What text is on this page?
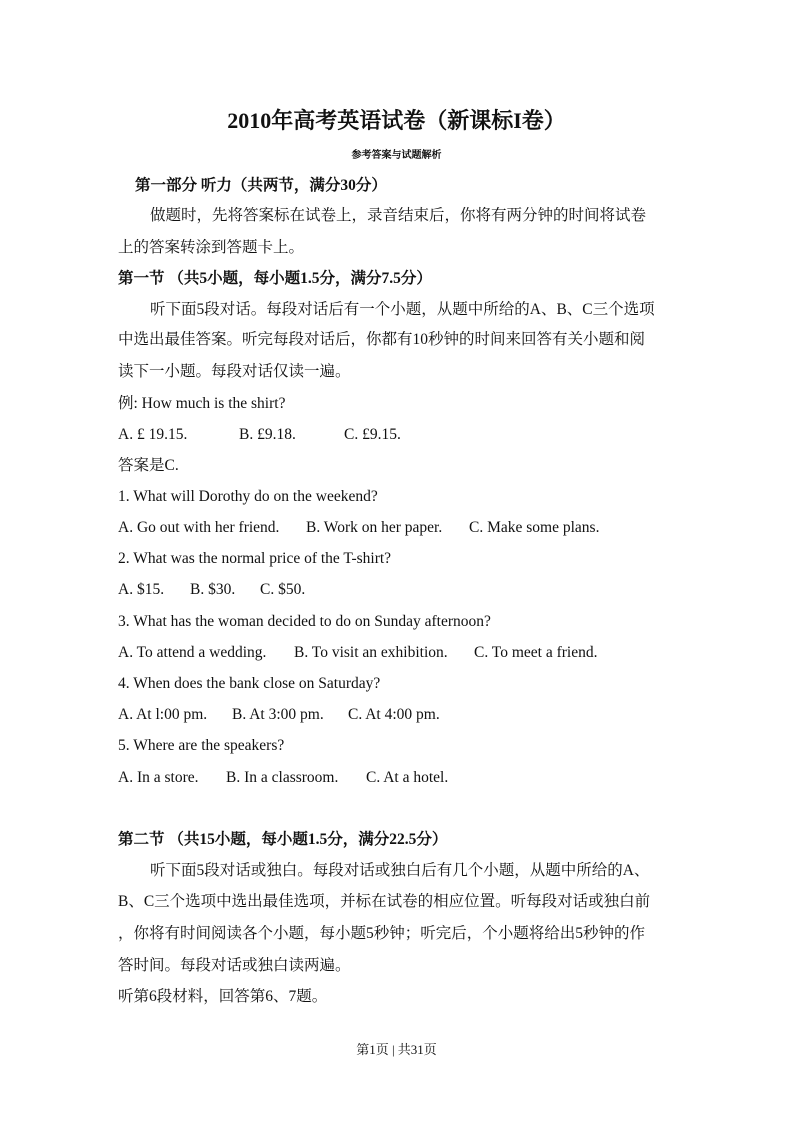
2010年高考英语试卷（新课标I卷）
参考答案与试题解析
第一部分 听力（共两节，满分30分）
做题时，先将答案标在试卷上，录音结束后，你将有两分钟的时间将试卷
上的答案转涂到答题卡上。
第一节 （共5小题，每小题1.5分，满分7.5分）
听下面5段对话。每段对话后有一个小题，从题中所给的A、B、C三个选项
中选出最佳答案。听完每段对话后，你都有10秒钟的时间来回答有关小题和阅
读下一小题。每段对话仅读一遍。
例: How much is the shirt?
A. £ 19.15.	B. £9.18.	C. £9.15.
答案是C.
1. What will Dorothy do on the weekend?
A. Go out with her friend. B. Work on her paper. C. Make some plans.
2. What was the normal price of the T-shirt?
A. $15. B. $30. C. $50.
3. What has the woman decided to do on Sunday afternoon?
A. To attend a wedding. B. To visit an exhibition. C. To meet a friend.
4. When does the bank close on Saturday?
A. At l:00 pm. B. At 3:00 pm. C. At 4:00 pm.
5. Where are the speakers?
A. In a store. B. In a classroom. C. At a hotel.
第二节 （共15小题，每小题1.5分，满分22.5分）
听下面5段对话或独白。每段对话或独白后有几个小题，从题中所给的A、
B、C三个选项中选出最佳选项，并标在试卷的相应位置。听每段对话或独白前
，你将有时间阅读各个小题，每小题5秒钟；听完后，个小题将给出5秒钟的作
答时间。每段对话或独白读两遍。
听第6段材料，回答第6、7题。
第1页 | 共31页
